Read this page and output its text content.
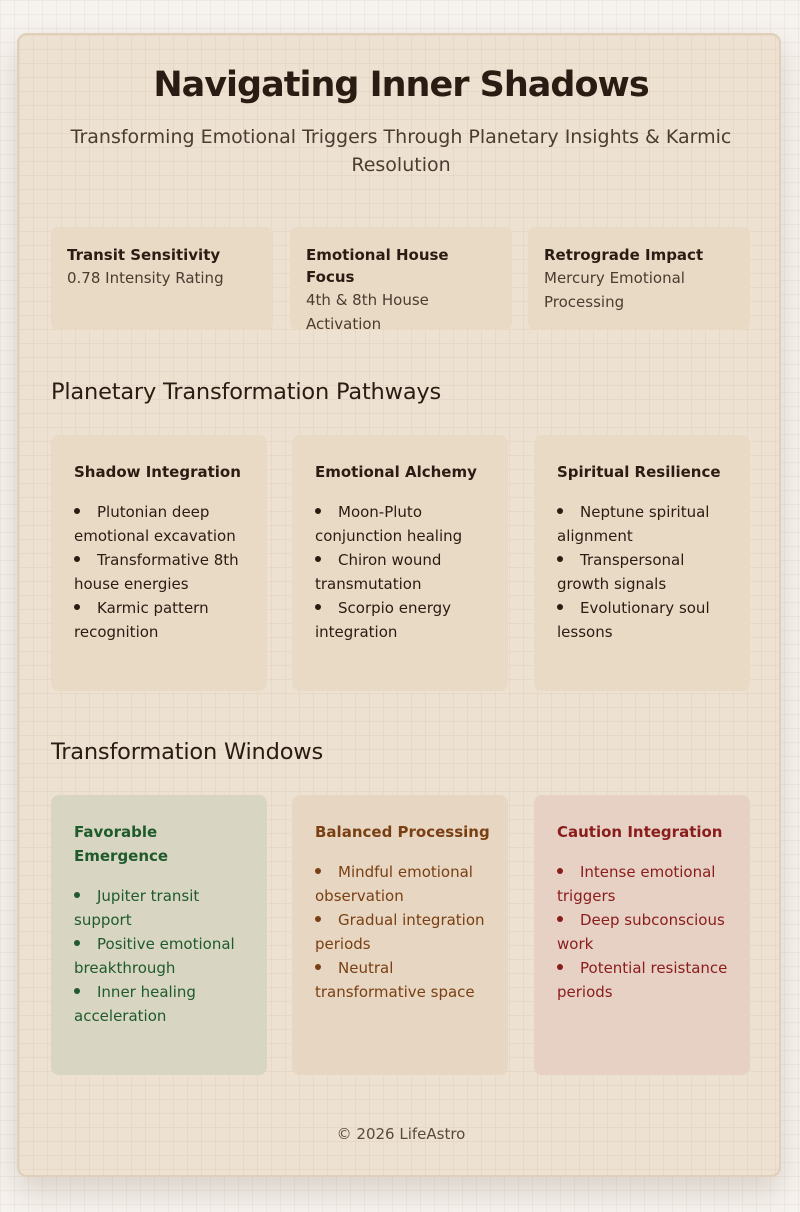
Navigating Inner Shadows
Transforming Emotional Triggers Through Planetary Insights & Karmic Resolution
Transit Sensitivity
0.78 Intensity Rating
Emotional House Focus
4th & 8th House Activation
Retrograde Impact
Mercury Emotional Processing
Planetary Transformation Pathways
Shadow Integration
Plutonian deep emotional excavation
Transformative 8th house energies
Karmic pattern recognition
Emotional Alchemy
Moon-Pluto conjunction healing
Chiron wound transmutation
Scorpio energy integration
Spiritual Resilience
Neptune spiritual alignment
Transpersonal growth signals
Evolutionary soul lessons
Transformation Windows
Favorable Emergence
Jupiter transit support
Positive emotional breakthrough
Inner healing acceleration
Balanced Processing
Mindful emotional observation
Gradual integration periods
Neutral transformative space
Caution Integration
Intense emotional triggers
Deep subconscious work
Potential resistance periods
© 2026 LifeAstro
